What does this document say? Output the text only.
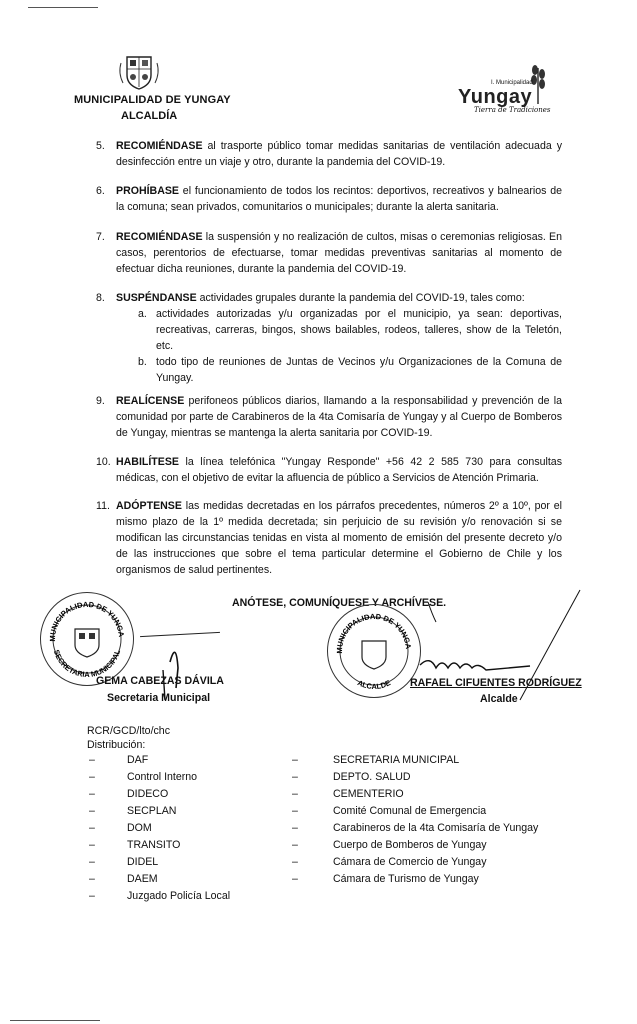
MUNICIPALIDAD DE YUNGAY
ALCALDÍA
I. Municipalidad
Yungay
Tierra de Tradiciones
5. RECOMIÉNDASE al trasporte público tomar medidas sanitarias de ventilación adecuada y desinfección entre un viaje y otro, durante la pandemia del COVID-19.
6. PROHÍBASE el funcionamiento de todos los recintos: deportivos, recreativos y balnearios de la comuna; sean privados, comunitarios o municipales; durante la alerta sanitaria.
7. RECOMIÉNDASE la suspensión y no realización de cultos, misas o ceremonias religiosas. En casos, perentorios de efectuarse, tomar medidas preventivas sanitarias al momento de efectuar dicha reuniones, durante la pandemia del COVID-19.
8. SUSPÉNDANSE actividades grupales durante la pandemia del COVID-19, tales como:
a. actividades autorizadas y/u organizadas por el municipio, ya sean: deportivas, recreativas, carreras, bingos, shows bailables, rodeos, talleres, show de la Teletón, etc.
b. todo tipo de reuniones de Juntas de Vecinos y/u Organizaciones de la Comuna de Yungay.
9. REALÍCENSE perifoneos públicos diarios, llamando a la responsabilidad y prevención de la comunidad por parte de Carabineros de la 4ta Comisaría de Yungay y al Cuerpo de Bomberos de Yungay, mientras se mantenga la alerta sanitaria por COVID-19.
10. HABILÍTESE la línea telefónica "Yungay Responde" +56 42 2 585 730 para consultas médicas, con el objetivo de evitar la afluencia de público a Servicios de Atención Primaria.
11. ADÓPTENSE las medidas decretadas en los párrafos precedentes, números 2º a 10º, por el mismo plazo de la 1º medida decretada; sin perjuicio de su revisión y/o renovación si se modifican las circunstancias tenidas en vista al momento de emisión del presente decreto y/o de las instrucciones que sobre el tema particular determine el Gobierno de Chile y los organismos de salud pertinentes.
ANÓTESE, COMUNÍQUESE Y ARCHÍVESE.
MUNICIPALIDAD DE YUNGA
SECRETARIA MUNICIPAL	MUNICIPALIDAD DE YUNGA
ALCALDE
GEMA CABEZAS DÁVILA
Secretaria Municipal
RAFAEL CIFUENTES RODRÍGUEZ
Alcalde
RCR/GCD/lto/chc
Distribución:
–	DAF
–	Control Interno
–	DIDECO
–	SECPLAN
–	DOM
–	TRANSITO
–	DIDEL
–	DAEM
–	Juzgado Policía Local
–	SECRETARIA MUNICIPAL
–	DEPTO. SALUD
–	CEMENTERIO
–	Comité Comunal de Emergencia
–	Carabineros de la 4ta Comisaría de Yungay
–	Cuerpo de Bomberos de Yungay
–	Cámara de Comercio de Yungay
–	Cámara de Turismo de Yungay
